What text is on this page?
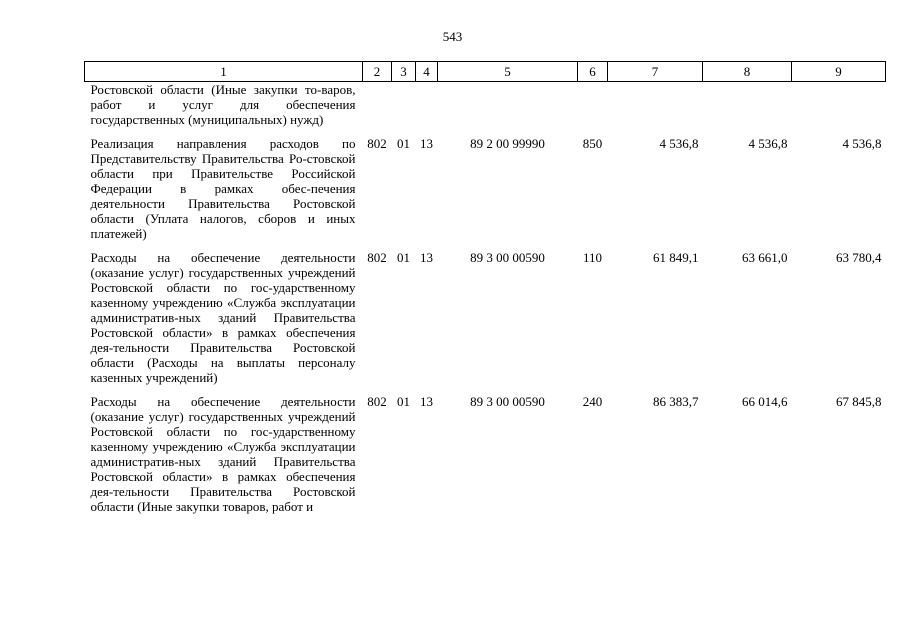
543
1	2	3	4	5	6	7	8	9
Ростовской области (Иные закупки то-варов, работ и услуг для обеспечения государственных (муниципальных) нужд)								
Реализация направления расходов по Представительству Правительства Ро-стовской области при Правительстве Российской Федерации в рамках обес-печения деятельности Правительства Ростовской области (Уплата налогов, сборов и иных платежей)	802	01	13	89 2 00 99990	850	4 536,8	4 536,8	4 536,8
Расходы на обеспечение деятельности (оказание услуг) государственных учреждений Ростовской области по гос-ударственному казенному учреждению «Служба эксплуатации административ-ных зданий Правительства Ростовской области» в рамках обеспечения дея-тельности Правительства Ростовской области (Расходы на выплаты персоналу казенных учреждений)	802	01	13	89 3 00 00590	110	61 849,1	63 661,0	63 780,4
Расходы на обеспечение деятельности (оказание услуг) государственных учреждений Ростовской области по гос-ударственному казенному учреждению «Служба эксплуатации административ-ных зданий Правительства Ростовской области» в рамках обеспечения дея-тельности Правительства Ростовской области (Иные закупки товаров, работ и	802	01	13	89 3 00 00590	240	86 383,7	66 014,6	67 845,8
